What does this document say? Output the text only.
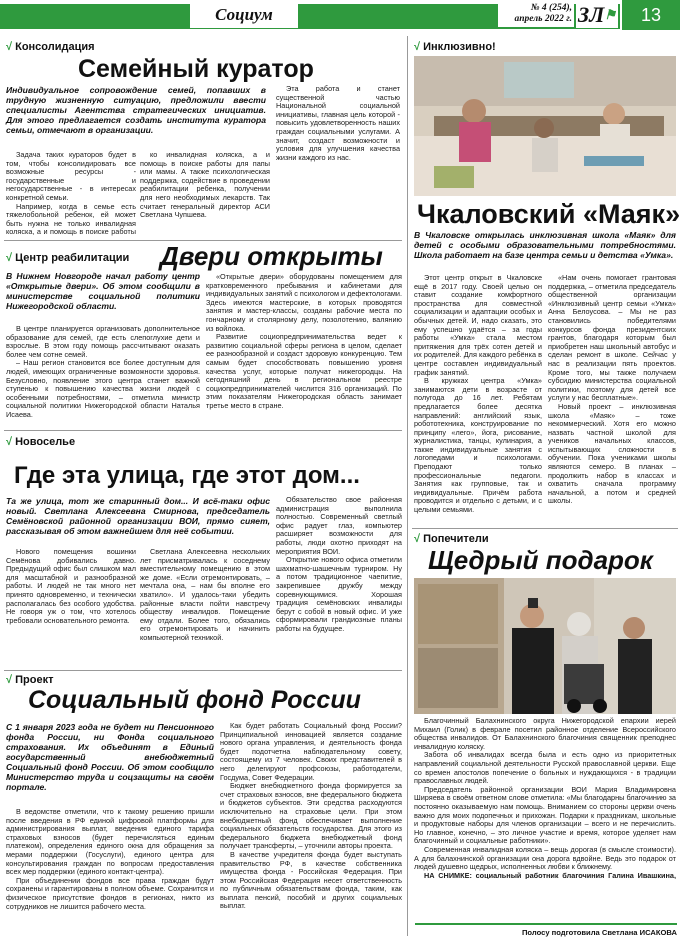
Социум	№ 4 (254),
апрель 2022 г. ЗЛ⚑	13
√ Консолидация
Семейный куратор
Индивидуальное сопровождение семей, попавших в трудную жизненную ситуацию, предложили ввести специалисты Агентства стратегических инициатив. Для этого предлагается создать института куратора семьи, отмечают в организации.

Задача таких кураторов будет в том, чтобы консолидировать все возможные ресурсы - государственные и негосударственные - в интересах конкретной семьи.

Например, когда в семье есть тяжелобольной ребенок, ей может быть нужна не только инвалидная коляска, а и помощь в поиске работы

ко инвалидная коляска, а и помощь в поиске работы для папы или мамы. А также психологическая поддержка, содействие в проведении реабилитации ребенка, получении для него необходимых лекарств. Так считает генеральный директор АСИ Светлана Чупшева.

Эта работа и станет существенной частью Национальной социальной инициативы, главная цель которой - повысить удовлетворенность наших граждан социальными услугами. А значит, создаст возможности и условия для улучшения качества жизни каждого из нас.

√ Центр реабилитации Двери открыты
В Нижнем Новгороде начал работу центр «Открытые двери». Об этом сообщили в министерстве социальной политики Нижегородской области.

В центре планируется организовать дополнительное образование для семей, где есть слепоглухие дети и взрослые. В этом году помощь рассчитывают оказать более чем сотне семей.

– Наш регион становится все более доступным для людей, имеющих ограниченные возможности здоровья. Безусловно, появление этого центра станет важной ступенью к повышению качества жизни людей с особенными потребностями, – отметила министр социальной политики Нижегородской области Наталья Исаева.

«Открытые двери» оборудованы помещением для кратковременного пребывания и кабинетами для индивидуальных занятий с психологом и дефектологами. Здесь имеются мастерские, в которых проводятся занятия и мастер-классы, созданы рабочие места по гончарному и столярному делу, позолотению, валянию из войлока.

Развитие социопредпринимательства ведет к развитию социальной сферы региона в целом, сделает ее разнообразной и создаст здоровую конкуренцию. Тем самым будет способствовать повышению уровня качества услуг, которые получат нижегородцы. На сегодняшний день в региональном реестре социопредпринимателей числится 316 организаций. По этим показателям Нижегородская область занимает третье место в стране.

√ Новоселье
Где эта улица, где этот дом...
Та же улица, тот же старинный дом... И всё-таки офис новый. Светлана Алексеевна Смирнова, председатель Семёновской районной организации ВОИ, прямо сияет, рассказывая об этом важнейшем для неё событии.

Нового помещения вошинки Семёнова добивались давно. Предыдущий офис был слишком мал для масштабной и разнообразной работы. И людей не так много нет принято одновременно, и технически располагалась без особого удобства. Не говоря уж о том, что хотелось требовали основательного ремонта.

Светлана Алексеевна нескольких лет присматривалась к соседнему вместительному помещению в этом же доме. «Если отремонтировать, – мечтала она, – нам бы вполне его хватило». И удалось-таки убедить районные власти пойти навстречу обществу инвалидов. Помещение ему отдали. Более того, обязались его отремонтировать и начинить компьютерной техникой.

Обязательство свое районная администрация выполнила полностью. Современный светлый офис радует глаз, компьютер расширяет возможности для работы, люди охотно приходят на мероприятия ВОИ.

Открытие нового офиса отметили шахматно-шашечным турниром. Ну а потом традиционное чаепитие, закрепившее дружбу между соревнующимися. Хорошая традиция семёновских инвалиды берут с собой в новый офис. И уже сформировали грандиозные планы работы на будущее.

√ Проект
Социальный фонд России
С 1 января 2023 года не будет ни Пенсионного фонда России, ни Фонда социального страхования. Их объединят в Единый государственный внебюджетный Социальный фонд России. Об этом сообщило Министерство труда и соцзащиты на своём портале.

В ведомстве отметили, что к такому решению пришли после введения в РФ единой цифровой платформы для администрирования выплат, введения единого тарифа страховых взносов (будет перечисляться единым платежом), определения единого окна для обращения за мерами поддержки (Госуслуги), единого центра для консультирования граждан по вопросам предоставления всех мер поддержки (единого контакт-центра).

При объединении фондов все права граждан будут сохранены и гарантированы в полном объеме. Сохранится и физическое присутствие фондов в регионах, никто из сотрудников не лишится рабочего места.

Как будет работать Социальный фонд России? Принципиальной инновацией является создание нового органа управления, и деятельность фонда будет подотчетна наблюдательному совету, состоящему из 7 человек. Своих представителей в него делегируют профсоюзы, работодатели, Госдума, Совет Федерации.

Бюджет внебюджетного фонда формируется за счет страховых взносов, вне федерального бюджета и бюджетов субъектов. Эти средства расходуются исключительно на страховые цели. При этом внебюджетный фонд обеспечивает выполнение социальных обязательств государства. Для этого из федерального бюджета внебюджетный фонд получает трансферты, – уточнили авторы проекта.

В качестве учредителя фонда будет выступать правительство РФ, в качестве собственника имущества фонда - Российская Федерация. При этом Российская Федерация несет ответственность по публичным обязательствам фонда, таким, как выплата пенсий, пособий и других социальных выплат.

√ Инклюзивно!
Чкаловский «Маяк»
В Чкаловске открылась инклюзивная школа «Маяк» для детей с особыми образовательными потребностями. Школа работает на базе центра семьи и детства «Умка».

Этот центр открыт в Чкаловске ещё в 2017 году. Своей целью он ставит создание комфортного пространства для совместной социализации и адаптации особых и обычных детей. И, надо сказать, это ему успешно удаётся – за годы работы «Умка» стала местом притяжения для трёх сотен детей и их родителей. Для каждого ребёнка в центре составлен индивидуальный график занятий.

В кружках центра «Умка» занимаются дети в возрасте от полугода до 16 лет. Ребятам предлагается более десятка направлений: английский язык, робототехника, конструирование по принципу «лего», йога, рисование, журналистика, танцы, кулинария, а также индивидуальные занятия с логопедами и психологами. Преподают только профессиональные педагоги. Занятия как групповые, так и индивидуальные. Причём работа проводится и отдельно с детьми, и с целыми семьями.

«Нам очень помогает грантовая поддержка, – отметила председатель общественной организации «Инклюзивный центр семьи «Умка» Анна Белоусова. – Мы не раз становились победителями конкурсов фонда президентских грантов, благодаря которым был приобретен наш школьный автобус и сделан ремонт в школе. Сейчас у нас в реализации пять проектов. Кроме того, мы также получаем субсидию министерства социальной политики, поэтому для детей все услуги у нас бесплатные».

Новый проект – инклюзивная школа «Маяк» – тоже некоммерческий. Хотя его можно назвать частной школой для учеников начальных классов, испытывающих сложности в обучении. Пока учениками школы являются семеро. В планах – продолжить набор в классах и охватить сначала программу начальной, а потом и средней школы.

√ Попечители
Щедрый подарок

Благочинный Балахнинского округа Нижегородской епархии иерей Михаил (Голик) в феврале посетил районное отделение Всероссийского общества инвалидов. От Балахнинского благочиния священник преподнес инвалидную коляску.

Забота об инвалидах всегда была и есть одно из приоритетных направлений социальной деятельности Русской православной церкви. Еще со времен апостолов попечение о больных и нуждающихся - в традиции православных людей.

Председатель районной организации ВОИ Мария Владимировна Ширяева в своём ответном слове отметила: «Мы благодарны благочинию за постоянно оказываемую нам помощь. Вниманием со стороны церкви очень важно для моих подопечных и прихожан. Подарки к праздникам, школьные и продуктовые наборы для членов организации – всего и не перечислить. Но главное, конечно, – это личное участие и время, которое уделяет нам благочинный и социальные работники».

Современная инвалидная коляска – вещь дорогая (в смысле стоимости). А для балахнинской организации она дорога вдвойне. Ведь это подарок от людей душевно щедрых, исполненных любви к ближнему.

НА СНИМКЕ: социальный работник благочиния Галина Ивашкина,

Полосу подготовила Светлана ИСАКОВА
